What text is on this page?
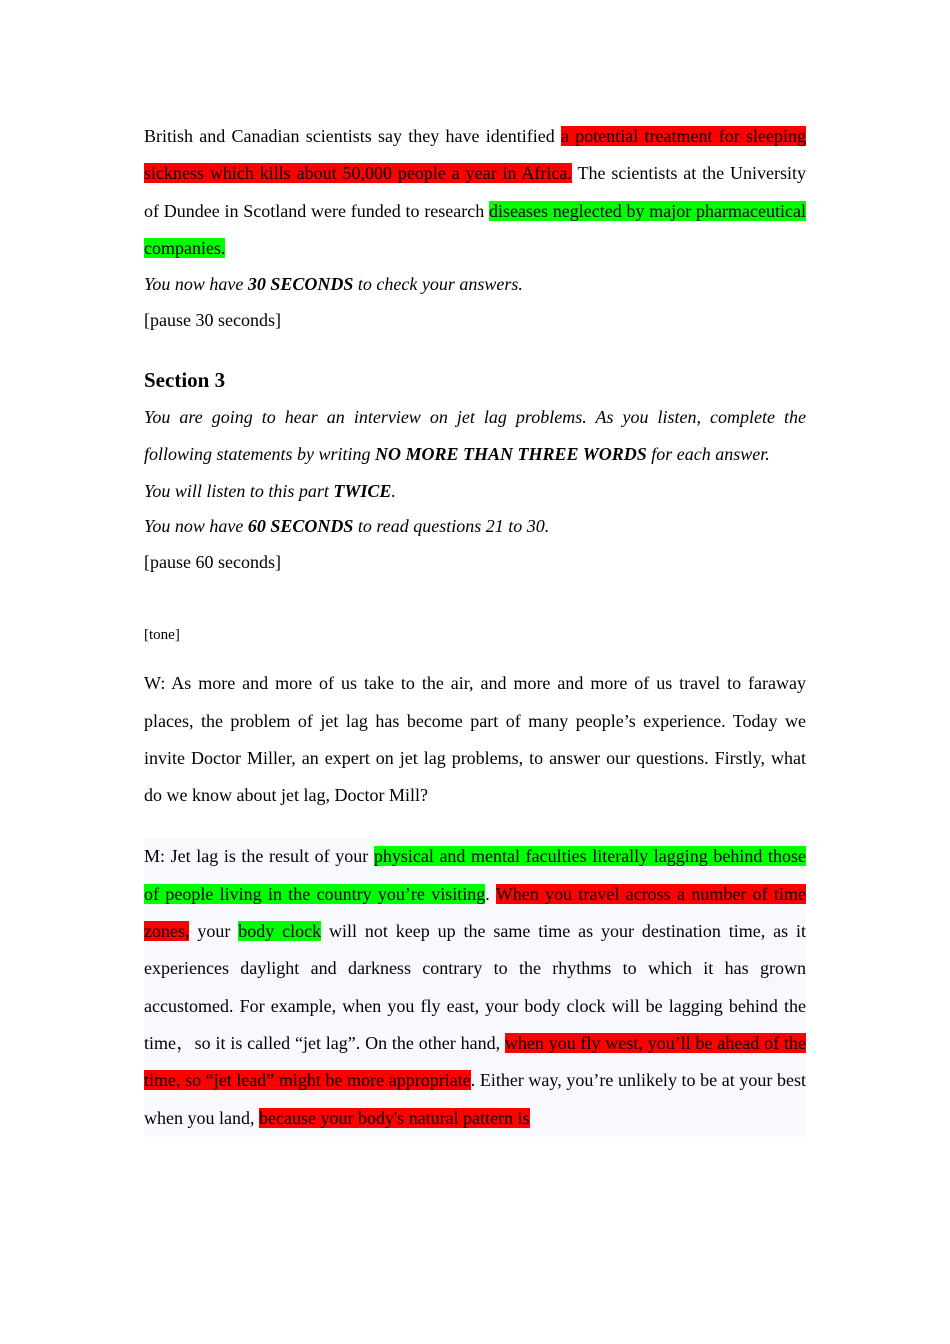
British and Canadian scientists say they have identified a potential treatment for sleeping sickness which kills about 50,000 people a year in Africa. The scientists at the University of Dundee in Scotland were funded to research diseases neglected by major pharmaceutical companies.

You now have 30 SECONDS to check your answers.

[pause 30 seconds]

Section 3

You are going to hear an interview on jet lag problems. As you listen, complete the following statements by writing NO MORE THAN THREE WORDS for each answer.

You will listen to this part TWICE.

You now have 60 SECONDS to read questions 21 to 30.

[pause 60 seconds]

[tone]

W: As more and more of us take to the air, and more and more of us travel to faraway places, the problem of jet lag has become part of many people’s experience. Today we invite Doctor Miller, an expert on jet lag problems, to answer our questions. Firstly, what do we know about jet lag, Doctor Mill?

M: Jet lag is the result of your physical and mental faculties literally lagging behind those of people living in the country you’re visiting. When you travel across a number of time zones, your body clock will not keep up the same time as your destination time, as it experiences daylight and darkness contrary to the rhythms to which it has grown accustomed. For example, when you fly east, your body clock will be lagging behind the time，so it is called “jet lag”. On the other hand, when you fly west, you’ll be ahead of the time, so “jet lead” might be more appropriate. Either way, you’re unlikely to be at your best when you land, because your body's natural pattern is
